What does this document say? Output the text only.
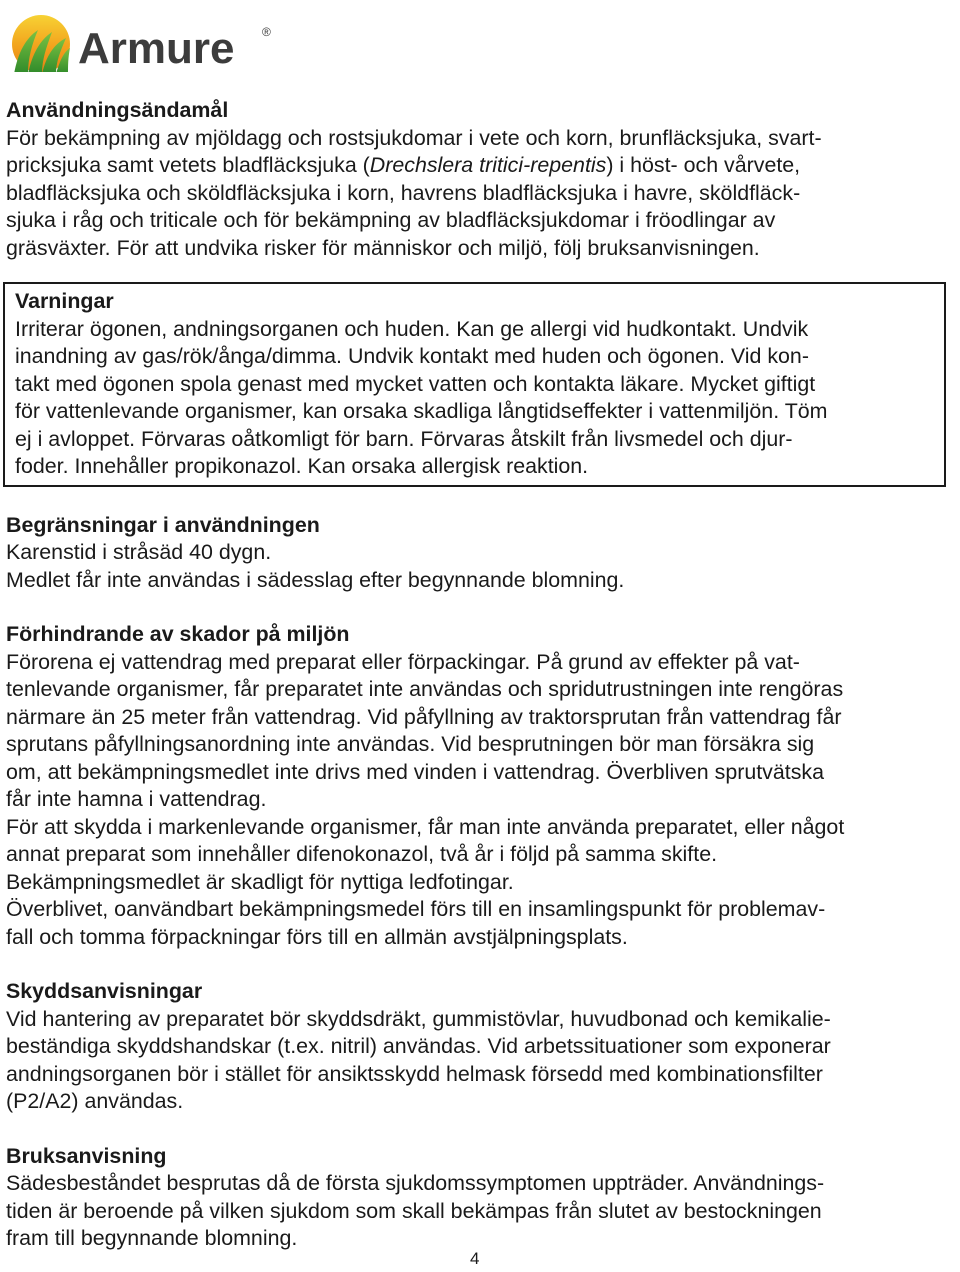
Armure ®
Användningsändamål

För bekämpning av mjöldagg och rostsjukdomar i vete och korn, brunfläcksjuka, svart-
pricksjuka samt vetets bladfläcksjuka (Drechslera tritici-repentis) i höst- och vårvete,
bladfläcksjuka och sköldfläcksjuka i korn, havrens bladfläcksjuka i havre, sköldfläck-
sjuka i råg och triticale och för bekämpning av bladfläcksjukdomar i fröodlingar av
gräsväxter. För att undvika risker för människor och miljö, följ bruksanvisningen.

Varningar

Irriterar ögonen, andningsorganen och huden. Kan ge allergi vid hudkontakt. Undvik
inandning av gas/rök/ånga/dimma. Undvik kontakt med huden och ögonen. Vid kon-
takt med ögonen spola genast med mycket vatten och kontakta läkare. Mycket giftigt
för vattenlevande organismer, kan orsaka skadliga långtidseffekter i vattenmiljön. Töm
ej i avloppet. Förvaras oåtkomligt för barn. Förvaras åtskilt från livsmedel och djur-
foder. Innehåller propikonazol. Kan orsaka allergisk reaktion.

Begränsningar i användningen

Karenstid i stråsäd 40 dygn.
Medlet får inte användas i sädesslag efter begynnande blomning.

Förhindrande av skador på miljön

Förorena ej vattendrag med preparat eller förpackingar. På grund av effekter på vat-
tenlevande organismer, får preparatet inte användas och spridutrustningen inte rengöras
närmare än 25 meter från vattendrag. Vid påfyllning av traktorsprutan från vattendrag får
sprutans påfyllningsanordning inte användas. Vid besprutningen bör man försäkra sig
om, att bekämpningsmedlet inte drivs med vinden i vattendrag. Överbliven sprutvätska
får inte hamna i vattendrag.
För att skydda i markenlevande organismer, får man inte använda preparatet, eller något
annat preparat som innehåller difenokonazol, två år i följd på samma skifte.
Bekämpningsmedlet är skadligt för nyttiga ledfotingar.
Överblivet, oanvändbart bekämpningsmedel förs till en insamlingspunkt för problemav-
fall och tomma förpackningar förs till en allmän avstjälpningsplats.

Skyddsanvisningar

Vid hantering av preparatet bör skyddsdräkt, gummistövlar, huvudbonad och kemikalie-
beständiga skyddshandskar (t.ex. nitril) användas. Vid arbetssituationer som exponerar
andningsorganen bör i stället för ansiktsskydd helmask försedd med kombinationsfilter
(P2/A2) användas.

Bruksanvisning

Sädesbeståndet besprutas då de första sjukdomssymptomen uppträder. Användnings-
tiden är beroende på vilken sjukdom som skall bekämpas från slutet av bestockningen
fram till begynnande blomning.

4
